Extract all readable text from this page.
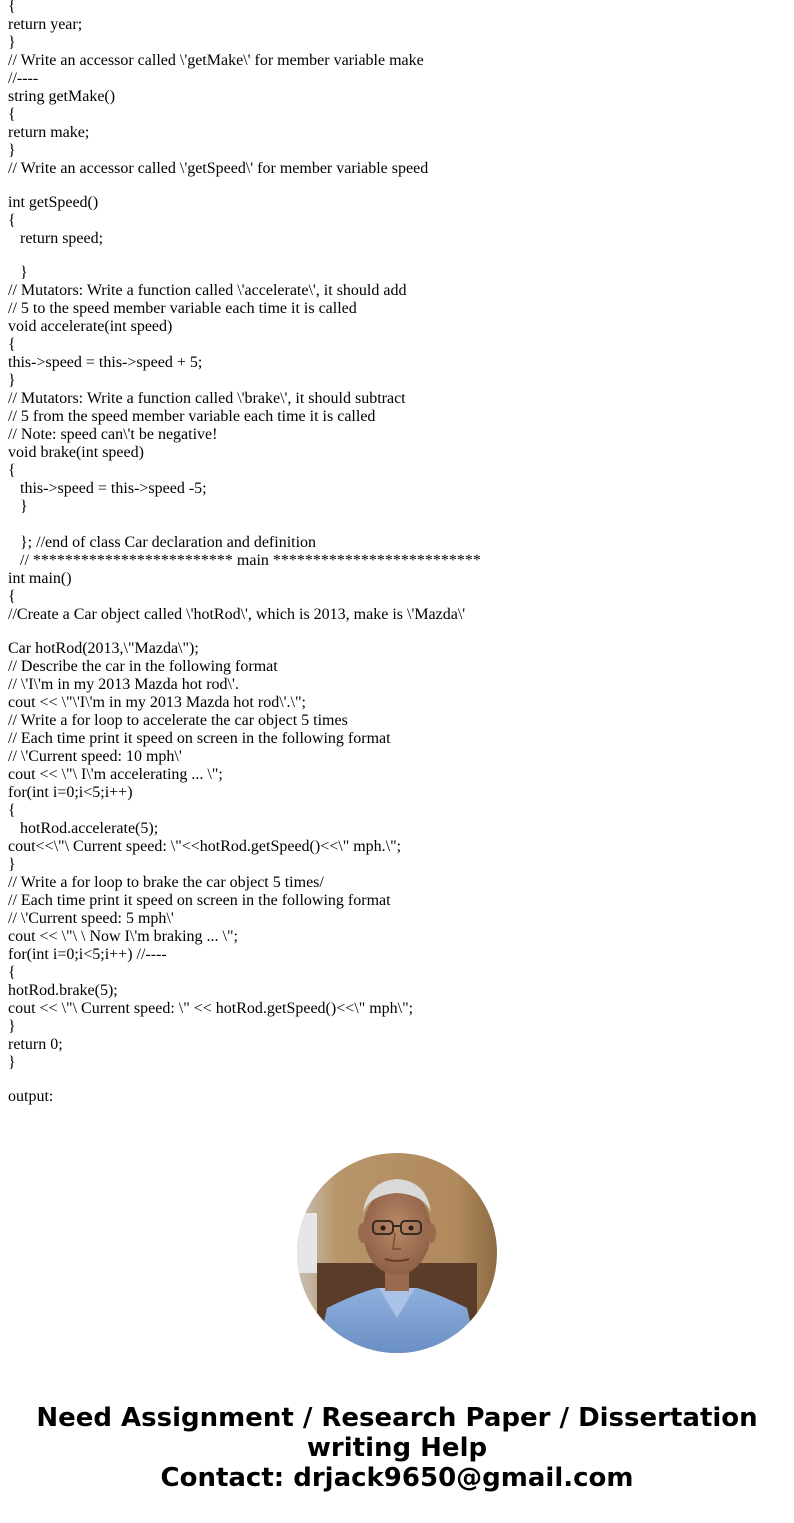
{
return year;
}
// Write an accessor called \'getMake\' for member variable make
//----
string getMake()
{
return make;
}
// Write an accessor called \'getSpeed\' for member variable speed
int getSpeed()
{
return speed;
}
// Mutators: Write a function called \'accelerate\', it should add
// 5 to the speed member variable each time it is called
void accelerate(int speed)
{
this->speed = this->speed + 5;
}
// Mutators: Write a function called \'brake\', it should subtract
// 5 from the speed member variable each time it is called
// Note: speed can\'t be negative!
void brake(int speed)
{
this->speed = this->speed -5;
}
}; //end of class Car declaration and definition
// ************************* main **************************
int main()
{
//Create a Car object called \'hotRod\', which is 2013, make is \'Mazda\'
Car hotRod(2013,\"Mazda\");
// Describe the car in the following format
// \'I\'m in my 2013 Mazda hot rod\'.
cout << \"\'I\'m in my 2013 Mazda hot rod\'.\";
// Write a for loop to accelerate the car object 5 times
// Each time print it speed on screen in the following format
// \'Current speed: 10 mph\'
cout << \"\ I\'m accelerating ... \";
for(int i=0;i<5;i++)
{
hotRod.accelerate(5);
cout<<\"\ Current speed: \"<<hotRod.getSpeed()<<\" mph.\";
}
// Write a for loop to brake the car object 5 times/
// Each time print it speed on screen in the following format
// \'Current speed: 5 mph\'
cout << \"\ \ Now I\'m braking ... \";
for(int i=0;i<5;i++) //----
{
hotRod.brake(5);
cout << \"\ Current speed: \" << hotRod.getSpeed()<<\" mph\";
}
return 0;
}
output:
Need Assignment / Research Paper / Dissertation
writing Help
Contact: drjack9650@gmail.com
